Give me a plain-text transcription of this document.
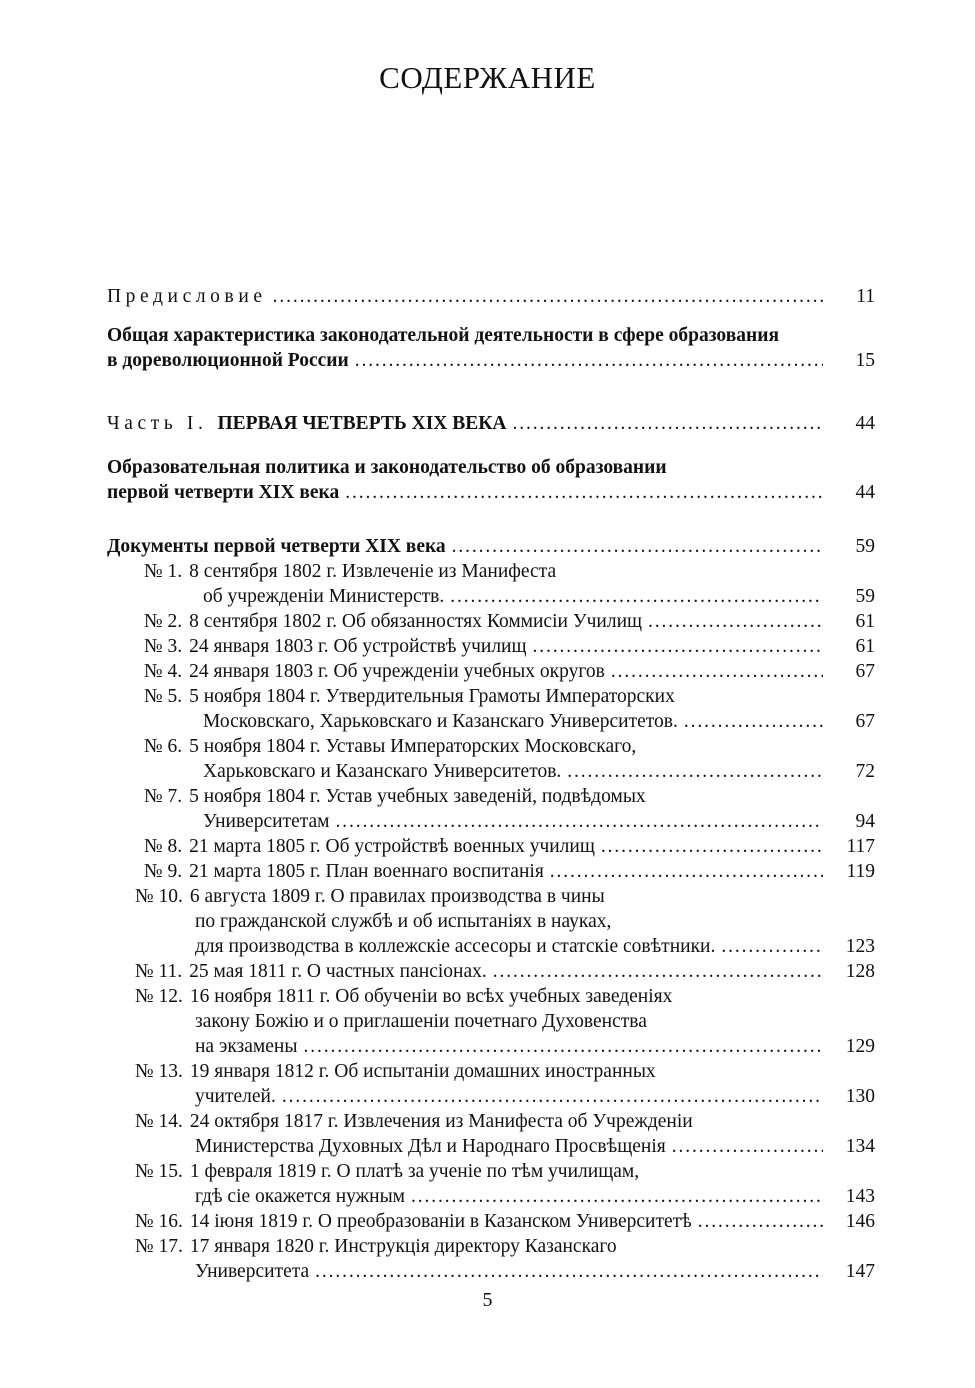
СОДЕРЖАНИЕ
Предисловие . . .	11
Общая характеристика законодательной деятельности в сфере образования
в дореволюционной России . . .	15
Часть I. ПЕРВАЯ ЧЕТВЕРТЬ XIX ВЕКА . . .	44
Образовательная политика и законодательство об образовании
первой четверти XIX века . . .	44
Документы первой четверти XIX века . . .	59
№ 1. 8 сентября 1802 г. Извлеченіе из Манифеста
об учрежденіи Министерств. . . .	59
№ 2. 8 сентября 1802 г. Об обязанностях Коммисіи Училищ . . .	61
№ 3. 24 января 1803 г. Об устройствѣ училищ . . .	61
№ 4. 24 января 1803 г. Об учрежденіи учебных округов . . .	67
№ 5. 5 ноября 1804 г. Утвердительныя Грамоты Императорских
Московскаго, Харьковскаго и Казанскаго Университетов. . . .	67
№ 6. 5 ноября 1804 г. Уставы Императорских Московскаго,
Харьковскаго и Казанскаго Университетов. . . .	72
№ 7. 5 ноября 1804 г. Устав учебных заведеній, подвѣдомых
Университетам . . .	94
№ 8. 21 марта 1805 г. Об устройствѣ военных училищ . . .	117
№ 9. 21 марта 1805 г. План военнаго воспитанія . . .	119
№ 10. 6 августа 1809 г. О правилах производства в чины
по гражданской службѣ и об испытаніях в науках,
для производства в коллежскіе ассесоры и статскіе совѣтники. . . .	123
№ 11. 25 мая 1811 г. О частных пансіонах. . . .	128
№ 12. 16 ноября 1811 г. Об обученіи во всѣх учебных заведеніях
закону Божію и о приглашеніи почетнаго Духовенства
на экзамены . . .	129
№ 13. 19 января 1812 г. Об испытаніи домашних иностранных
учителей. . . .	130
№ 14. 24 октября 1817 г. Извлечения из Манифеста об Учрежденіи
Министерства Духовных Дѣл и Народнаго Просвѣщенія . . .	134
№ 15. 1 февраля 1819 г. О платѣ за ученіе по тѣм училищам,
гдѣ сіе окажется нужным . . .	143
№ 16. 14 іюня 1819 г. О преобразованіи в Казанском Университетѣ . . .	146
№ 17. 17 января 1820 г. Инструкція директору Казанскаго
Университета . . .	147
5
